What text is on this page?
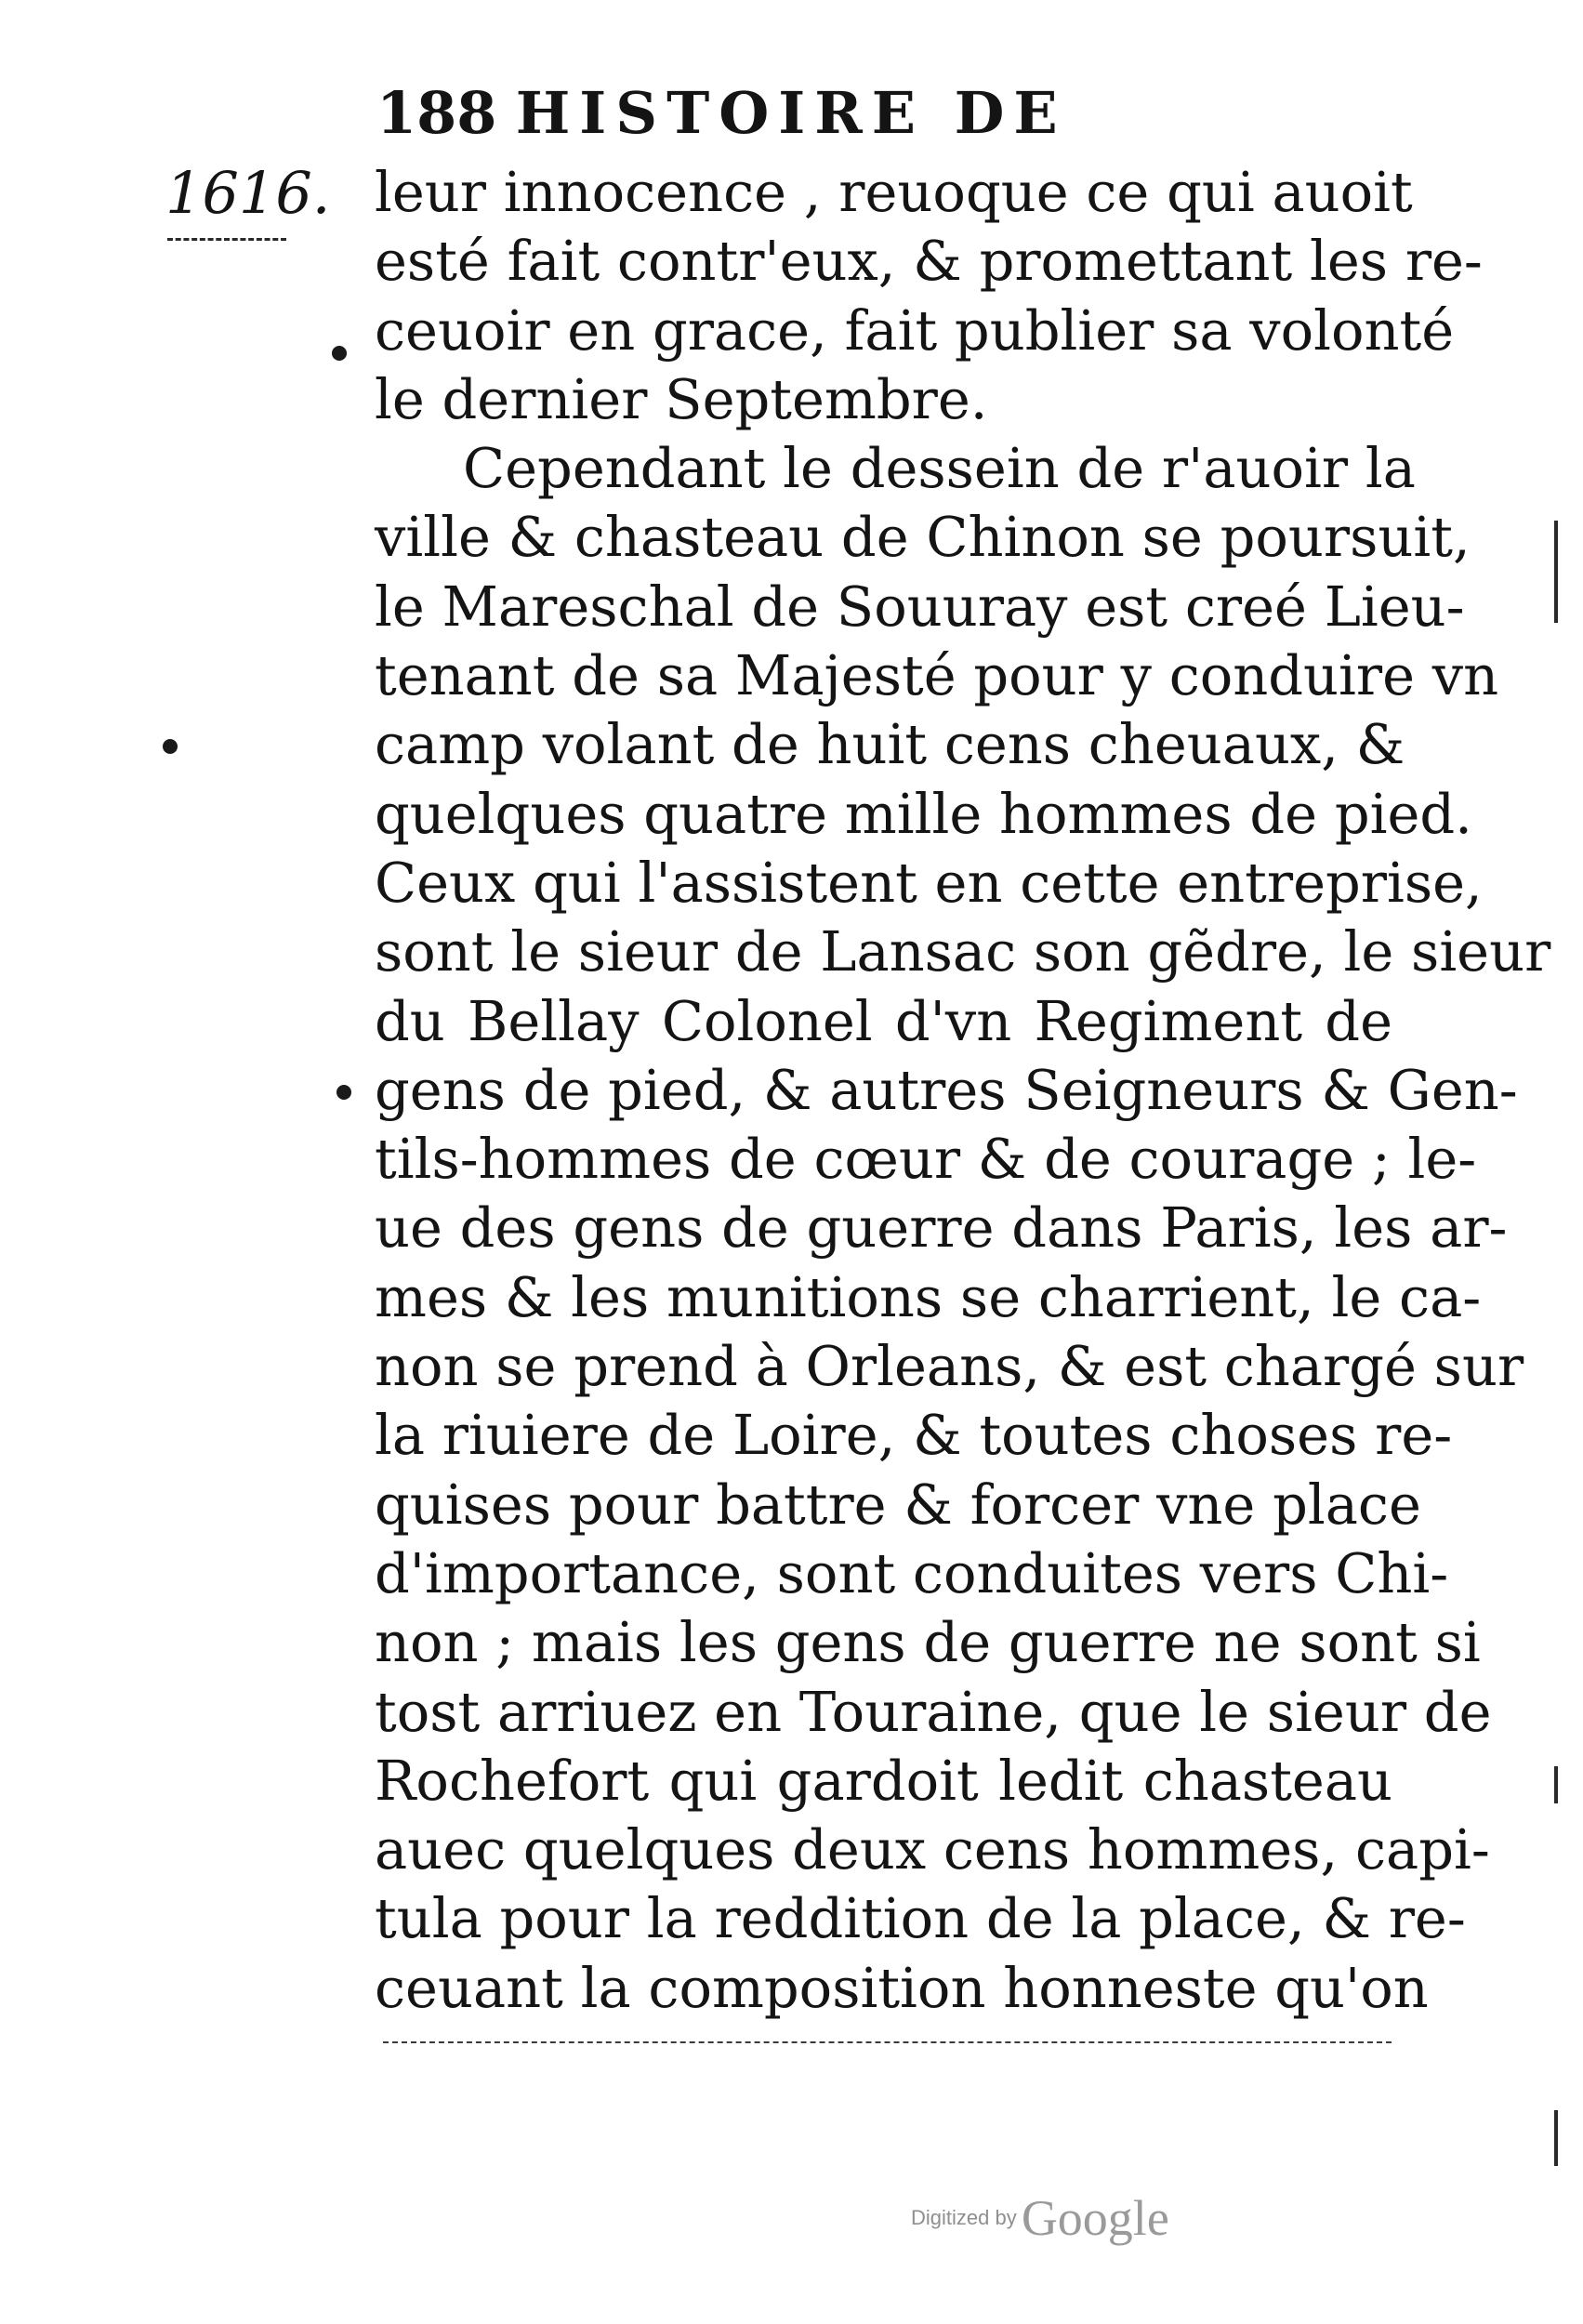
188 HISTOIRE DE
1616. leur innocence , reuoque ce qui auoit
esté fait contr'eux, & promettant les re-
ceuoir en grace, fait publier sa volonté
le dernier Septembre.
Cependant le dessein de r'auoir la
ville & chasteau de Chinon se poursuit,
le Mareschal de Souuray est creé Lieu-
tenant de sa Majesté pour y conduire vn
camp volant de huit cens cheuaux, &
quelques quatre mille hommes de pied.
Ceux qui l'assistent en cette entreprise,
sont le sieur de Lansac son gẽdre, le sieur
du Bellay Colonel d'vn Regiment de
gens de pied, & autres Seigneurs & Gen-
tils-hommes de cœur & de courage ; le-
ue des gens de guerre dans Paris, les ar-
mes & les munitions se charrient, le ca-
non se prend à Orleans, & est chargé sur
la riuiere de Loire, & toutes choses re-
quises pour battre & forcer vne place
d'importance, sont conduites vers Chi-
non ; mais les gens de guerre ne sont si
tost arriuez en Touraine, que le sieur de
Rochefort qui gardoit ledit chasteau
auec quelques deux cens hommes, capi-
tula pour la reddition de la place, & re-
ceuant la composition honneste qu'on
Digitized by Google
